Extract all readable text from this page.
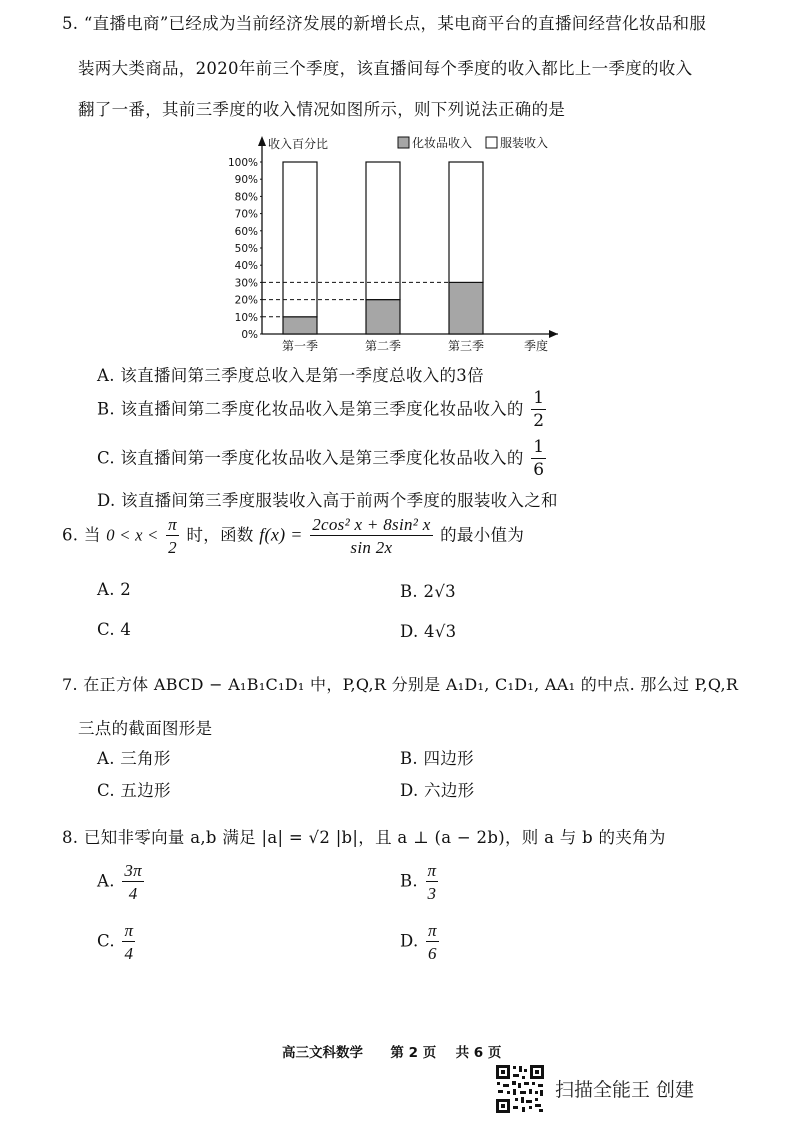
5. “直播电商”已经成为当前经济发展的新增长点，某电商平台的直播间经营化妆品和服
装两大类商品，2020年前三个季度，该直播间每个季度的收入都比上一季度的收入
翻了一番，其前三季度的收入情况如图所示，则下列说法正确的是
收入百分比
0%
10%
20%
30%
40%
50%
60%
70%
80%
90%
100%
第一季	第二季	第三季	季度
化妆品收入 服装收入
A. 该直播间第三季度总收入是第一季度总收入的3倍
B. 该直播间第二季度化妆品收入是第三季度化妆品收入的 $\frac{1}{2}$
C. 该直播间第一季度化妆品收入是第三季度化妆品收入的 $\frac{1}{6}$
D. 该直播间第三季度服装收入高于前两个季度的服装收入之和
6. 当 $0 < x < \frac{\pi}{2}$ 时，函数 $f(x) = \frac{\text{2cos² x + 8sin² x}}{\sin 2x}$ 的最小值为
A. 2	B. 2√3
C. 4	D. 4√3
7. 在正方体 ABCD − A₁B₁C₁D₁ 中，P,Q,R 分别是 A₁D₁, C₁D₁, AA₁ 的中点. 那么过 P,Q,R
三点的截面图形是
A. 三角形	B. 四边形
C. 五边形	D. 六边形
8. 已知非零向量 a,b 满足 |a| = √2 |b|，且 a ⊥ (a − 2b)，则 a 与 b 的夹角为
A. $\frac{3\pi}{4}$	B. $\frac{\pi}{3}$
C. $\frac{\pi}{4}$	D. $\frac{\pi}{6}$
高三文科数学 第 2 页 共 6 页
扫描全能王 创建
